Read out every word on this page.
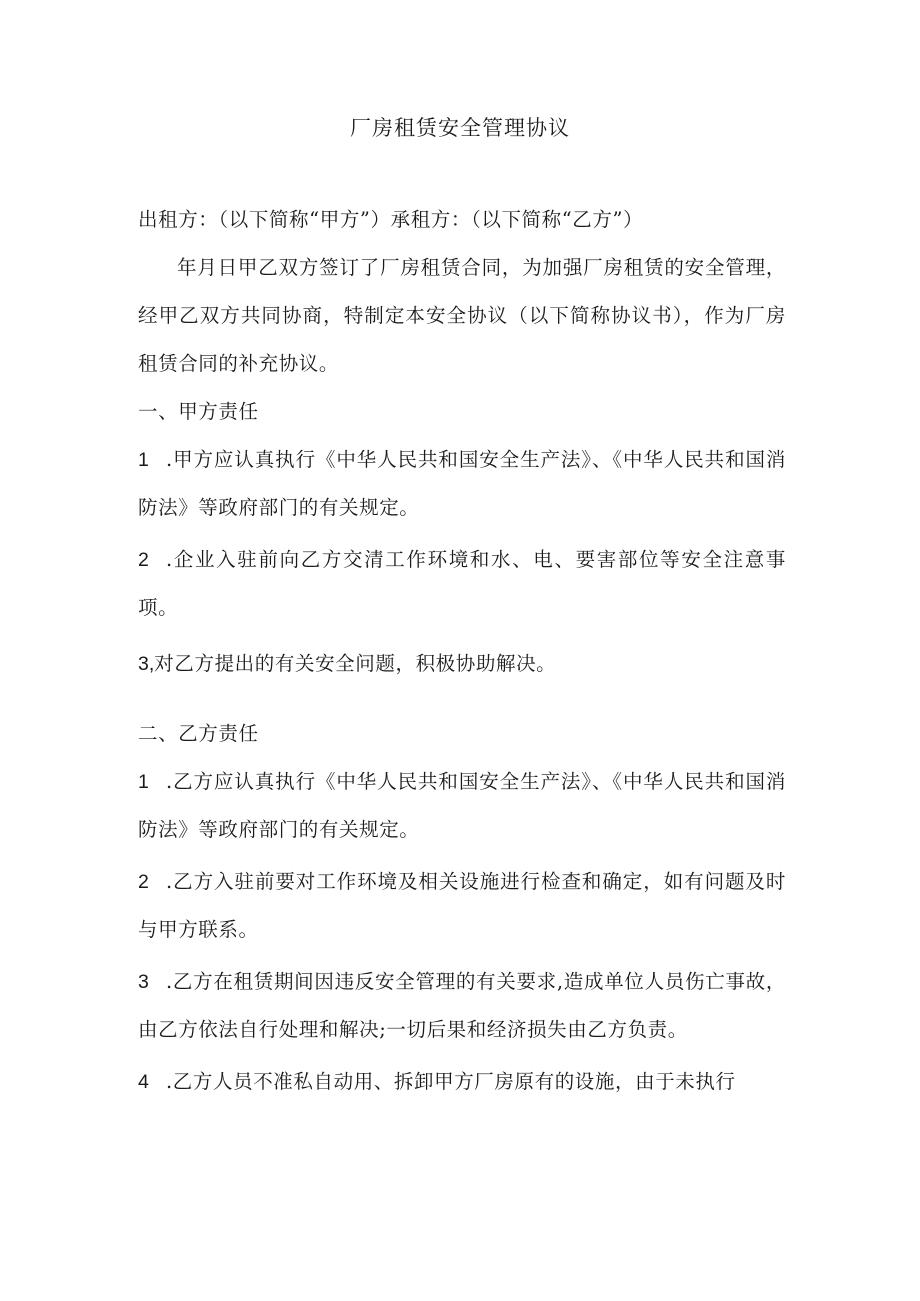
厂房租赁安全管理协议

出租方：（以下简称“甲方”）承租方：（以下简称“乙方”）

年月日甲乙双方签订了厂房租赁合同，为加强厂房租赁的安全管理，经甲乙双方共同协商，特制定本安全协议（以下简称协议书），作为厂房租赁合同的补充协议。

一、甲方责任

1 .甲方应认真执行《中华人民共和国安全生产法》、《中华人民共和国消防法》等政府部门的有关规定。

2 .企业入驻前向乙方交清工作环境和水、电、要害部位等安全注意事项。

3,对乙方提出的有关安全问题，积极协助解决。

二、乙方责任

1 .乙方应认真执行《中华人民共和国安全生产法》、《中华人民共和国消防法》等政府部门的有关规定。

2 .乙方入驻前要对工作环境及相关设施进行检查和确定，如有问题及时与甲方联系。

3 .乙方在租赁期间因违反安全管理的有关要求,造成单位人员伤亡事故，由乙方依法自行处理和解决;一切后果和经济损失由乙方负责。

4 .乙方人员不准私自动用、拆卸甲方厂房原有的设施，由于未执行
